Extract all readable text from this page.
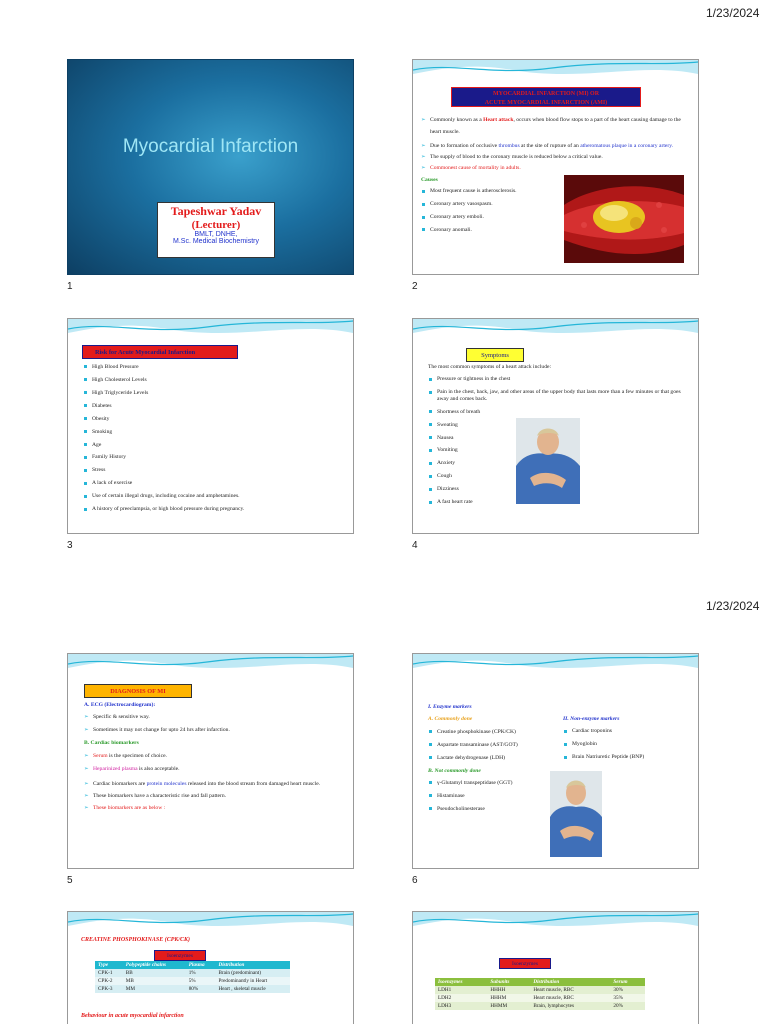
1/23/2024
Myocardial Infarction
Tapeshwar Yadav
(Lecturer)
BMLT, DNHE,
M.Sc. Medical Biochemistry
1
MYOCARDIAL INFARCTION (MI) OR
ACUTE MYOCARDIAL INFARCTION (AMI)
➢ Commonly known as a Heart attack, occurs when blood flow stops to a part of the heart causing damage to the heart muscle.
➢ Due to formation of occlusive thrombus at the site of rupture of an atheromatous plaque in a coronary artery.
➢ The supply of blood to the coronary muscle is reduced below a critical value.
➢ Commonest cause of mortality in adults.
Causes
Most frequent cause is atherosclerosis.
Coronary artery vasospasm.
Coronary artery emboli.
Coronary anomali.
2
Risk for Acute Myocardial Infarction
High Blood Pressure
High Cholesterol Levels
High Triglyceride Levels
Diabetes
Obesity
Smoking
Age
Family History
Stress
A lack of exercise
Use of certain illegal drugs, including cocaine and amphetamines.
A history of preeclampsia, or high blood pressure during pregnancy.
3
Symptoms
The most common symptoms of a heart attack include:
Pressure or tightness in the chest
Pain in the chest, back, jaw, and other areas of the upper body that lasts more than a few minutes or that goes away and comes back.
Shortness of breath
Sweating
Nausea
Vomiting
Anxiety
Cough
Dizziness
A fast heart rate
4
1/23/2024
DIAGNOSIS OF MI
A. ECG (Electrocardiogram):
➢ Specific & sensitive way.
➢ Sometimes it may not change for upto 24 hrs after infarction.
B. Cardiac biomarkers
➢ Serum is the specimen of choice.
➢ Heparinized plasma is also acceptable.
➢ Cardiac biomarkers are protein molecules released into the blood stream from damaged heart muscle.
➢ These biomarkers have a characteristic rise and fall pattern.
➢ These biomarkers are as below :
5
I. Enzyme markers
A. Commonly done
Creatine phosphokinase (CPK/CK)
Aspartate transaminase (AST/GOT)
Lactate dehydrogenase (LDH)
B. Not commonly done
γ-Glutamyl transpeptidase (GGT)
Histaminase
Pseudocholinesterase
II. Non-enzyme markers
Cardiac troponins
Myoglobin
Brain Natriuretic Peptide (BNP)
6
CREATINE PHOSPHOKINASE (CPK/CK)
Isoenzymes
Type	Polypeptide chains	Plasma	Distribution
CPK-1	BB	1%	Brain (predominant)
CPK-2	MB	5%	Predominantly in Heart
CPK-3	MM	80%	Heart , skeletal muscle
Behaviour in acute myocardial infarction
Isoenzymes
Isoenzymes	Subunits	Distribution	Serum
LDH1	HHHH	Heart muscle, RBC	30%
LDH2	HHHM	Heart muscle, RBC	35%
LDH3	HHMM	Brain, lymphocytes	20%
